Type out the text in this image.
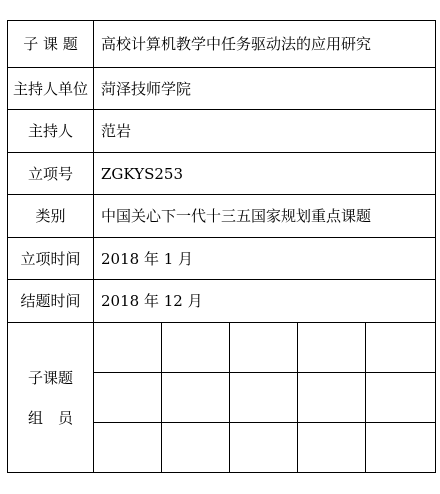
子 课 题	高校计算机教学中任务驱动法的应用研究				
主持人单位	菏泽技师学院				
主持人	范岩				
立项号	ZGKYS253				
类别	中国关心下一代十三五国家规划重点课题				
立项时间	2018 年 1 月				
结题时间	2018 年 12 月				

子课题
组　员					
